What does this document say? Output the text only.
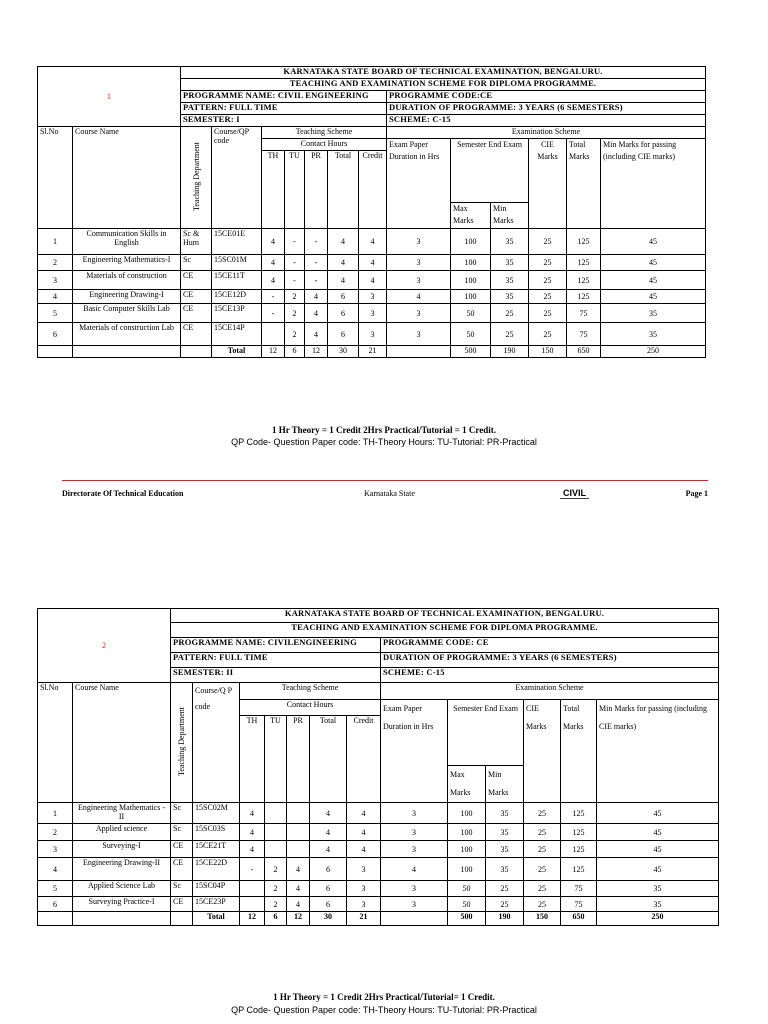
1		KARNATAKA STATE BOARD OF TECHNICAL EXAMINATION, BENGALURU.												
		TEACHING AND EXAMINATION SCHEME FOR DIPLOMA PROGRAMME.												
		PROGRAMME NAME: CIVIL ENGINEERING							PROGRAMME CODE:CE					
		PATTERN: FULL TIME							DURATION OF PROGRAMME: 3 YEARS (6 SEMESTERS)					
		SEMESTER: I							SCHEME: C-15					
Sl.No	Course Name	Teaching Department	Course/QP code	Teaching Scheme					Examination Scheme					
				Contact Hours					Exam Paper Duration in Hrs	Semester End Exam		CIE Marks	Total Marks	Min Marks for passing (including CIE marks)
				TH	TU	PR	Total	Credit						
										Max Marks	Min Marks			
1	Communication Skills in English	Sc & Hum	15CE01E	4	-	-	4	4	3	100	35	25	125	45
2	Engineering Mathematics-I	Sc	15SC01M	4	-	-	4	4	3	100	35	25	125	45
3	Materials of construction	CE	15CE11T	4	-	-	4	4	3	100	35	25	125	45
4	Engineering Drawing-I	CE	15CE12D	-	2	4	6	3	4	100	35	25	125	45
5	Basic Computer Skills Lab	CE	15CE13P	-	2	4	6	3	3	50	25	25	75	35
6	Materials of construction Lab	CE	15CE14P		2	4	6	3	3	50	25	25	75	35
			Total	12	6	12	30	21		500	190	150	650	250
1 Hr Theory = 1 Credit 2Hrs Practical/Tutorial = 1 Credit.
QP Code- Question Paper code: TH-Theory Hours: TU-Tutorial: PR-Practical
Directorate Of Technical Education	Karnataka State	Page 1
CIVIL
2		KARNATAKA STATE BOARD OF TECHNICAL EXAMINATION, BENGALURU.												
		TEACHING AND EXAMINATION SCHEME FOR DIPLOMA PROGRAMME.												
		PROGRAMME NAME: CIVILENGINEERING							PROGRAMME CODE: CE					
		PATTERN: FULL TIME							DURATION OF PROGRAMME: 3 YEARS (6 SEMESTERS)					
		SEMESTER: II							SCHEME: C-15					
Sl.No	Course Name	Teaching Department	Course/Q P code	Teaching Scheme					Examination Scheme					
				Contact Hours					Exam Paper Duration in Hrs	Semester End Exam		CIE Marks	Total Marks	Min Marks for passing (including CIE marks)
				TH	TU	PR	Total	Credit						
										Max Marks	Min Marks			
1	Engineering Mathematics - II	Sc	15SC02M	4			4	4	3	100	35	25	125	45
2	Applied science	Sc	15SC03S	4			4	4	3	100	35	25	125	45
3	Surveying-I	CE	15CE21T	4			4	4	3	100	35	25	125	45
4	Engineering Drawing-II	CE	15CE22D	-	2	4	6	3	4	100	35	25	125	45
5	Applied Science Lab	Sc	15SC04P		2	4	6	3	3	50	25	25	75	35
6	Surveying Practice-I	CE	15CE23P		2	4	6	3	3	50	25	25	75	35
			Total	12	6	12	30	21		500	190	150	650	250
1 Hr Theory = 1 Credit 2Hrs Practical/Tutorial= 1 Credit.
QP Code- Question Paper code: TH-Theory Hours: TU-Tutorial: PR-Practical
